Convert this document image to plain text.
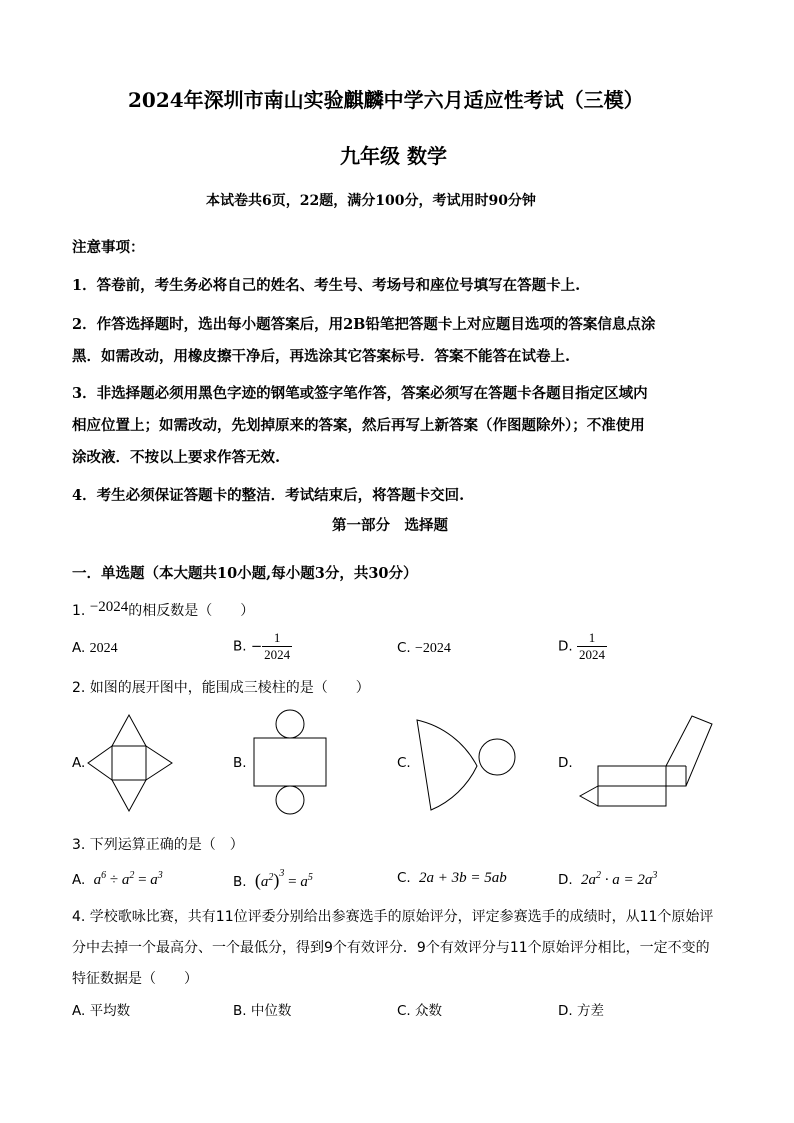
2024年深圳市南山实验麒麟中学六月适应性考试（三模）
九年级 数学
本试卷共6页，22题，满分100分，考试用时90分钟
注意事项：
1．答卷前，考生务必将自己的姓名、考生号、考场号和座位号填写在答题卡上.
2．作答选择题时，选出每小题答案后，用2B铅笔把答题卡上对应题目选项的答案信息点涂
黑．如需改动，用橡皮擦干净后，再选涂其它答案标号．答案不能答在试卷上.
3．非选择题必须用黑色字迹的钢笔或签字笔作答，答案必须写在答题卡各题目指定区域内
相应位置上；如需改动，先划掉原来的答案，然后再写上新答案（作图题除外）；不准使用
涂改液．不按以上要求作答无效.
4．考生必须保证答题卡的整洁．考试结束后，将答题卡交回.
第一部分　选择题
一．单选题（本大题共10小题,每小题3分，共30分）
1. −2024的相反数是（　　）
A. 2024	B. − $\frac{1}{2024}$	C. −2024	D. $\frac{1}{2024}$
2. 如图的展开图中，能围成三棱柱的是（　　）
A.	B.	C.	D.
3. 下列运算正确的是（　）
A. $a^6 \div a^2 = a^3$	B. $(a^2)^3 = a^5$	C. 2a + 3b = 5ab	D. $2a^2 \cdot a = 2a^3$
4. 学校歌咏比赛，共有11位评委分别给出参赛选手的原始评分，评定参赛选手的成绩时，从11个原始评
分中去掉一个最高分、一个最低分，得到9个有效评分．9个有效评分与11个原始评分相比，一定不变的
特征数据是（　　）
A. 平均数	B. 中位数	C. 众数	D. 方差
